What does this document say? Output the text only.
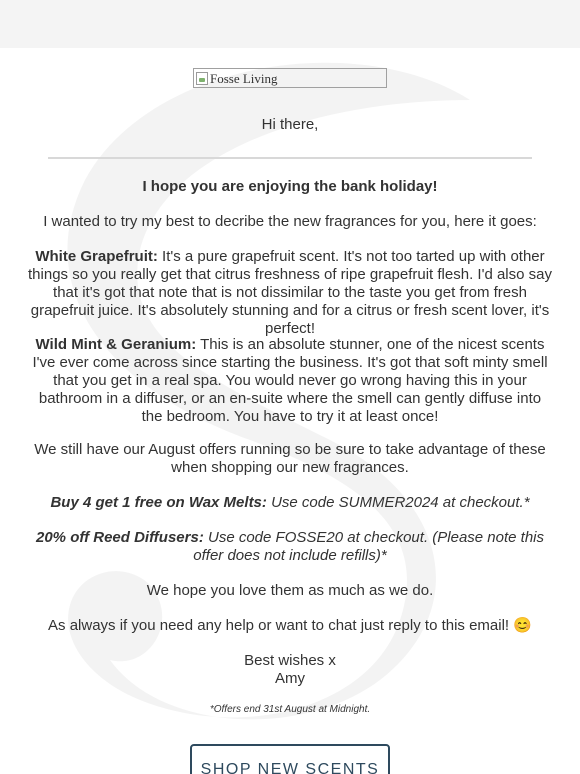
Fosse Living

Hi there,

I hope you are enjoying the bank holiday!

I wanted to try my best to decribe the new fragrances for you, here it goes:

White Grapefruit: It's a pure grapefruit scent. It's not too tarted up with other things so you really get that citrus freshness of ripe grapefruit flesh. I'd also say that it's got that note that is not dissimilar to the taste you get from fresh grapefruit juice. It's absolutely stunning and for a citrus or fresh scent lover, it's perfect!

Wild Mint & Geranium: This is an absolute stunner, one of the nicest scents I've ever come across since starting the business. It's got that soft minty smell that you get in a real spa. You would never go wrong having this in your bathroom in a diffuser, or an en-suite where the smell can gently diffuse into the bedroom. You have to try it at least once!

We still have our August offers running so be sure to take advantage of these when shopping our new fragrances.

Buy 4 get 1 free on Wax Melts: Use code SUMMER2024 at checkout.*

20% off Reed Diffusers: Use code FOSSE20 at checkout. (Please note this offer does not include refills)*

We hope you love them as much as we do.

As always if you need any help or want to chat just reply to this email! 😊

Best wishes x
Amy

*Offers end 31st August at Midnight.

SHOP NEW SCENTS
